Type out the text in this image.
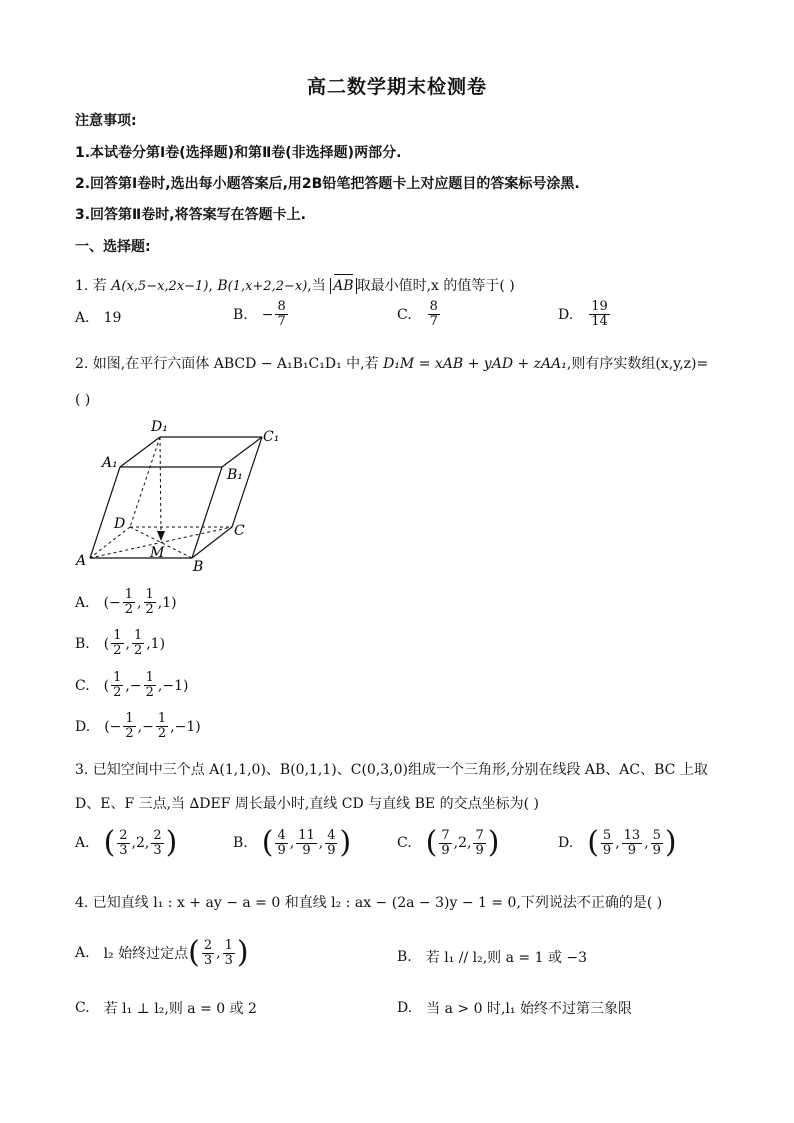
高二数学期末检测卷
注意事项:
1.本试卷分第Ⅰ卷(选择题)和第Ⅱ卷(非选择题)两部分.
2.回答第Ⅰ卷时,选出每小题答案后,用2B铅笔把答题卡上对应题目的答案标号涂黑.
3.回答第Ⅱ卷时,将答案写在答题卡上.
一、选择题:
1. 若 A(x,5−x,2x−1), B(1,x+2,2−x),当 AB 取最小值时,x 的值等于( )
A. 19	B. − $\frac{8}{7}$	C. $\frac{8}{7}$	D. $\frac{19}{14}$
2. 如图,在平行六面体 ABCD − A₁B₁C₁D₁ 中,若 D₁M = xAB + yAD + zAA₁,则有序实数组(x,y,z)=
( )
D₁
C₁
A₁
B₁
D	C
M
A	B
A. (− $\frac{1}{2}$ , $\frac{1}{2} ,1$)
B. ( $\frac{1}{2}$ , $\frac{1}{2} ,1$)
C. ( $\frac{1}{2}$ ,− $\frac{1}{2} ,-1$)
D. (− $\frac{1}{2}$ ,− $\frac{1}{2} ,-1$)
3. 已知空间中三个点 A(1,1,0)、B(0,1,1)、C(0,3,0)组成一个三角形,分别在线段 AB、AC、BC 上取
D、E、F 三点,当 ∆DEF 周长最小时,直线 CD 与直线 BE 的交点坐标为( )
A. ( $\frac{2}{3} ,2$, $\frac{2}{3}$ )	B. ( $\frac{4}{9}$ , $\frac{11}{9}$ , $\frac{4}{9}$ )	C. ( $\frac{7}{9} ,2$, $\frac{7}{9}$ )	D. ( $\frac{5}{9}$ , $\frac{13}{9}$ , $\frac{5}{9}$ )
4. 已知直线 l₁ : x + ay − a = 0 和直线 l₂ : ax − (2a − 3)y − 1 = 0,下列说法不正确的是( )
A. l₂ 始终过定点 ( $\frac{2}{3}$ , $\frac{1}{3}$ )	B. 若 l₁ // l₂,则 a = 1 或 −3
C. 若 l₁ ⊥ l₂,则 a = 0 或 2	D. 当 a > 0 时,l₁ 始终不过第三象限
